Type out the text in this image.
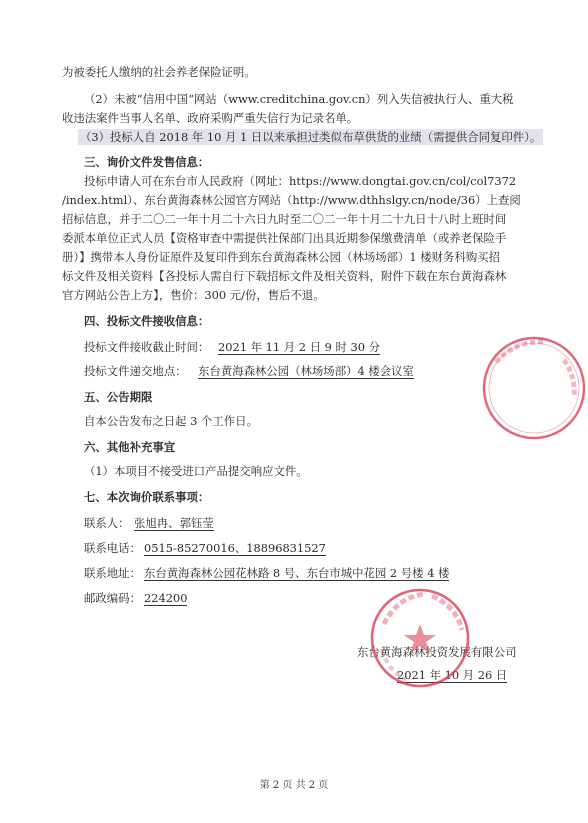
为被委托人缴纳的社会养老保险证明。
（2）未被“信用中国”网站（www.creditchina.gov.cn）列入失信被执行人、重大税
收违法案件当事人名单、政府采购严重失信行为记录名单。
（3）投标人自 2018 年 10 月 1 日以来承担过类似布草供货的业绩（需提供合同复印件）。
三、询价文件发售信息：
投标申请人可在东台市人民政府（网址：https://www.dongtai.gov.cn/col/col7372
/index.html）、东台黄海森林公园官方网站（http://www.dthhslgy.cn/node/36）上查阅
招标信息，并于二〇二一年十月二十六日九时至二〇二一年十月二十九日十八时上班时间
委派本单位正式人员【资格审查中需提供社保部门出具近期参保缴费清单（或养老保险手
册）】携带本人身份证原件及复印件到东台黄海森林公园（林场场部）1 楼财务科购买招
标文件及相关资料【各投标人需自行下载招标文件及相关资料，附件下载在东台黄海森林
官方网站公告上方】，售价：300 元/份，售后不退。
四、投标文件接收信息：
投标文件接收截止时间： 2021 年 11 月 2 日 9 时 30 分
投标文件递交地点： 东台黄海森林公园（林场场部）4 楼会议室
五、公告期限
自本公告发布之日起 3 个工作日。
六、其他补充事宜
（1）本项目不接受进口产品提交响应文件。
七、本次询价联系事项：
联系人： 张旭冉、郭钰莹
联系电话： 0515-85270016、18896831527
联系地址： 东台黄海森林公园花林路 8 号、东台市城中花园 2 号楼 4 楼
邮政编码： 224200
东台黄海森林投资发展有限公司
2021 年 10 月 26 日
第 2 页 共 2 页
